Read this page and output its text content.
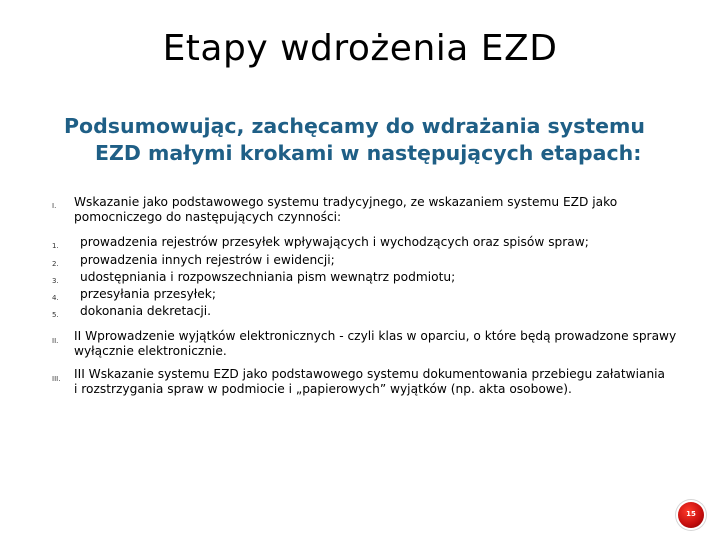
Etapy wdrożenia EZD
Podsumowując, zachęcamy do wdrażania systemu
EZD małymi krokami w następujących etapach:
I. Wskazanie jako podstawowego systemu tradycyjnego, ze wskazaniem systemu EZD jako
pomocniczego do następujących czynności:
1. prowadzenia rejestrów przesyłek wpływających i wychodzących oraz spisów spraw;
2. prowadzenia innych rejestrów i ewidencji;
3. udostępniania i rozpowszechniania pism wewnątrz podmiotu;
4. przesyłania przesyłek;
5. dokonania dekretacji.
II. II Wprowadzenie wyjątków elektronicznych - czyli klas w oparciu, o które będą prowadzone sprawy
wyłącznie elektronicznie.
III. III Wskazanie systemu EZD jako podstawowego systemu dokumentowania przebiegu załatwiania
i rozstrzygania spraw w podmiocie i „papierowych” wyjątków (np. akta osobowe).
15
